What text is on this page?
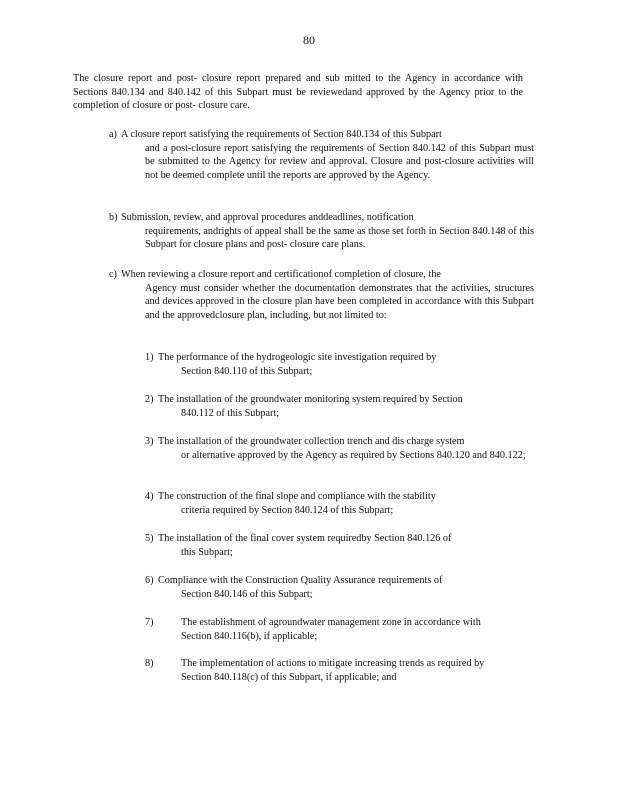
80
The closure report and post- closure report prepared and sub mitted to the Agency in accordance with Sections 840.134 and 840.142 of this Subpart must be reviewedand approved by the Agency prior to the completion of closure or post- closure care.
a) A closure report satisfying the requirements of Section 840.134 of this Subpart
and a post-closure report satisfying the requirements of Section 840.142 of this Subpart must be submitted to the Agency for review and approval. Closure and post-closure activities will not be deemed complete until the reports are approved by the Agency.
b) Submission, review, and approval procedures anddeadlines, notification
requirements, andrights of appeal shall be the same as those set forth in Section 840.148 of this Subpart for closure plans and post- closure care plans.
c) When reviewing a closure report and certificationof completion of closure, the
Agency must consider whether the documentation demonstrates that the activities, structures and devices approved in the closure plan have been completed in accordance with this Subpart and the approvedclosure plan, including, but not limited to:
1) The performance of the hydrogeologic site investigation required by
Section 840.110 of this Subpart;
2) The installation of the groundwater monitoring system required by Section
840.112 of this Subpart;
3) The installation of the groundwater collection trench and dis charge system
or alternative approved by the Agency as required by Sections 840.120 and 840.122;
4) The construction of the final slope and compliance with the stability
criteria required by Section 840.124 of this Subpart;
5) The installation of the final cover system requiredby Section 840.126 of
this Subpart;
6) Compliance with the Construction Quality Assurance requirements of
Section 840.146 of this Subpart;
7)	The establishment of agroundwater management zone in accordance with
Section 840.116(b), if applicable;
8)	The implementation of actions to mitigate increasing trends as required by
Section 840.118(c) of this Subpart, if applicable; and
